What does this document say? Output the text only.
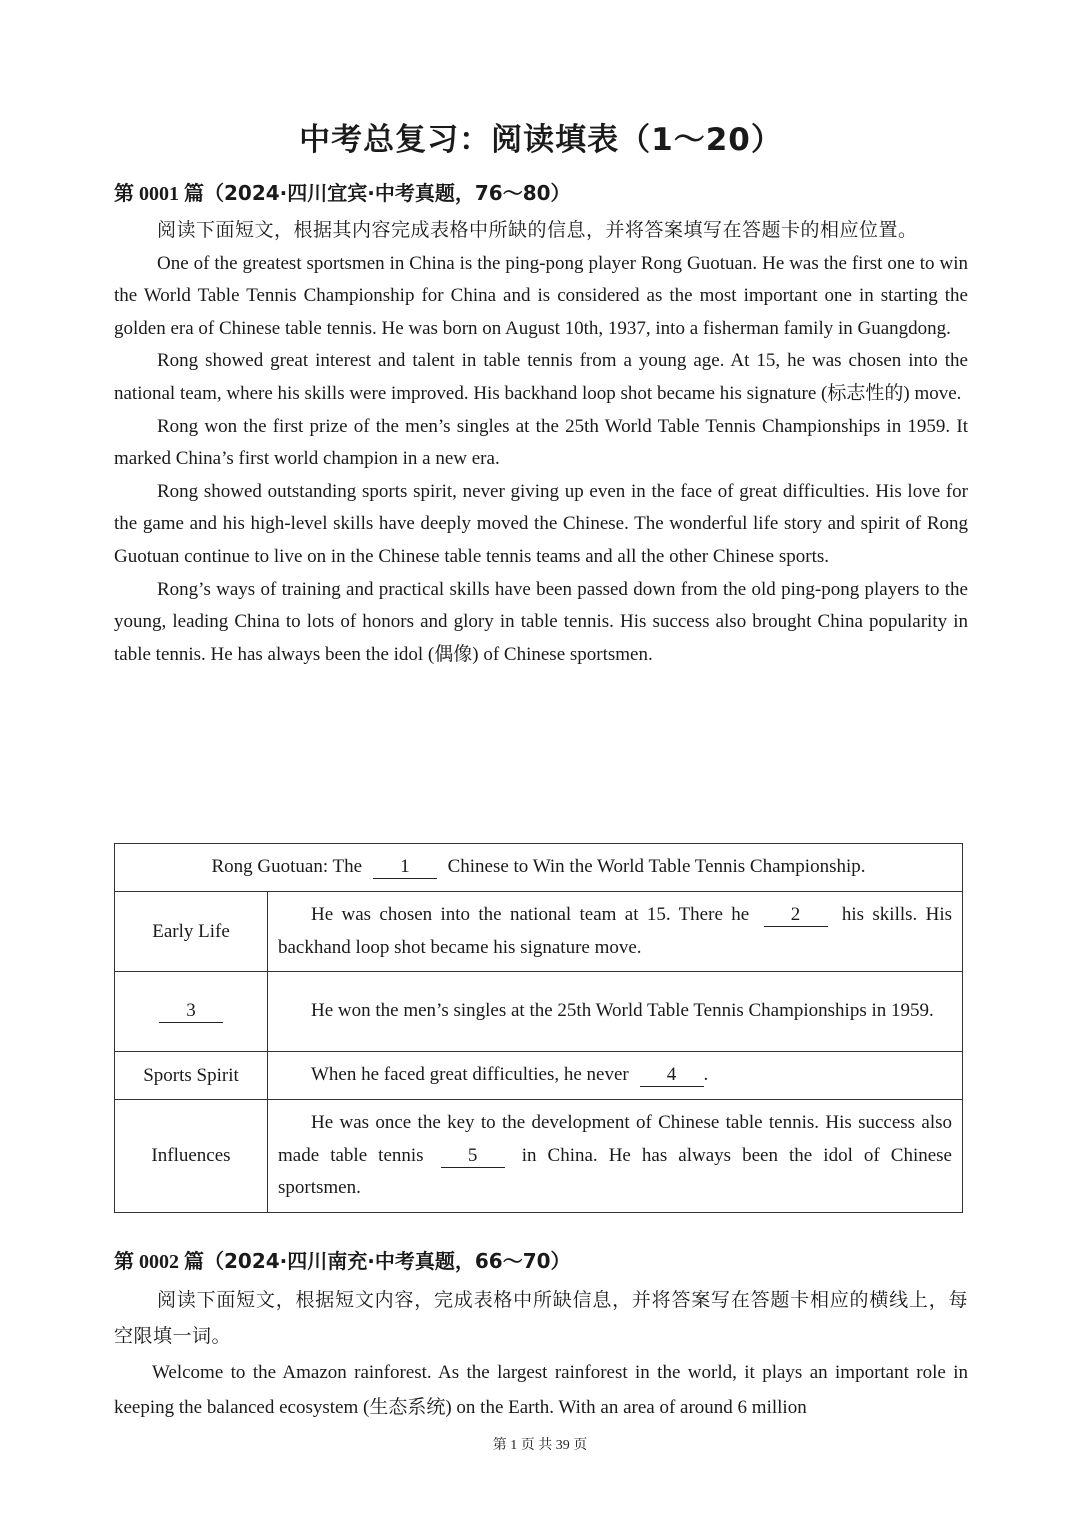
中考总复习：阅读填表（1～20）
第 0001 篇（2024·四川宜宾·中考真题，76～80）

阅读下面短文，根据其内容完成表格中所缺的信息，并将答案填写在答题卡的相应位置。

One of the greatest sportsmen in China is the ping-pong player Rong Guotuan. He was the first one to win the World Table Tennis Championship for China and is considered as the most important one in starting the golden era of Chinese table tennis. He was born on August 10th, 1937, into a fisherman family in Guangdong.

Rong showed great interest and talent in table tennis from a young age. At 15, he was chosen into the national team, where his skills were improved. His backhand loop shot became his signature (标志性的) move.

Rong won the first prize of the men’s singles at the 25th World Table Tennis Championships in 1959. It marked China’s first world champion in a new era.

Rong showed outstanding sports spirit, never giving up even in the face of great difficulties. His love for the game and his high-level skills have deeply moved the Chinese. The wonderful life story and spirit of Rong Guotuan continue to live on in the Chinese table tennis teams and all the other Chinese sports.

Rong’s ways of training and practical skills have been passed down from the old ping-pong players to the young, leading China to lots of honors and glory in table tennis. His success also brought China popularity in table tennis. He has always been the idol (偶像) of Chinese sportsmen.

Rong Guotuan: The 1 Chinese to Win the World Table Tennis Championship.	
Early Life	He was chosen into the national team at 15. There he 2 his skills. His backhand loop shot became his signature move.
3	He won the men’s singles at the 25th World Table Tennis Championships in 1959.
Sports Spirit	When he faced great difficulties, he never 4 .
Influences	He was once the key to the development of Chinese table tennis. His success also made table tennis 5 in China. He has always been the idol of Chinese sportsmen.
第 0002 篇（2024·四川南充·中考真题，66～70）

阅读下面短文，根据短文内容，完成表格中所缺信息，并将答案写在答题卡相应的横线上，每空限填一词。

Welcome to the Amazon rainforest. As the largest rainforest in the world, it plays an important role in keeping the balanced ecosystem (生态系统) on the Earth. With an area of around 6 million

第 1 页 共 39 页
